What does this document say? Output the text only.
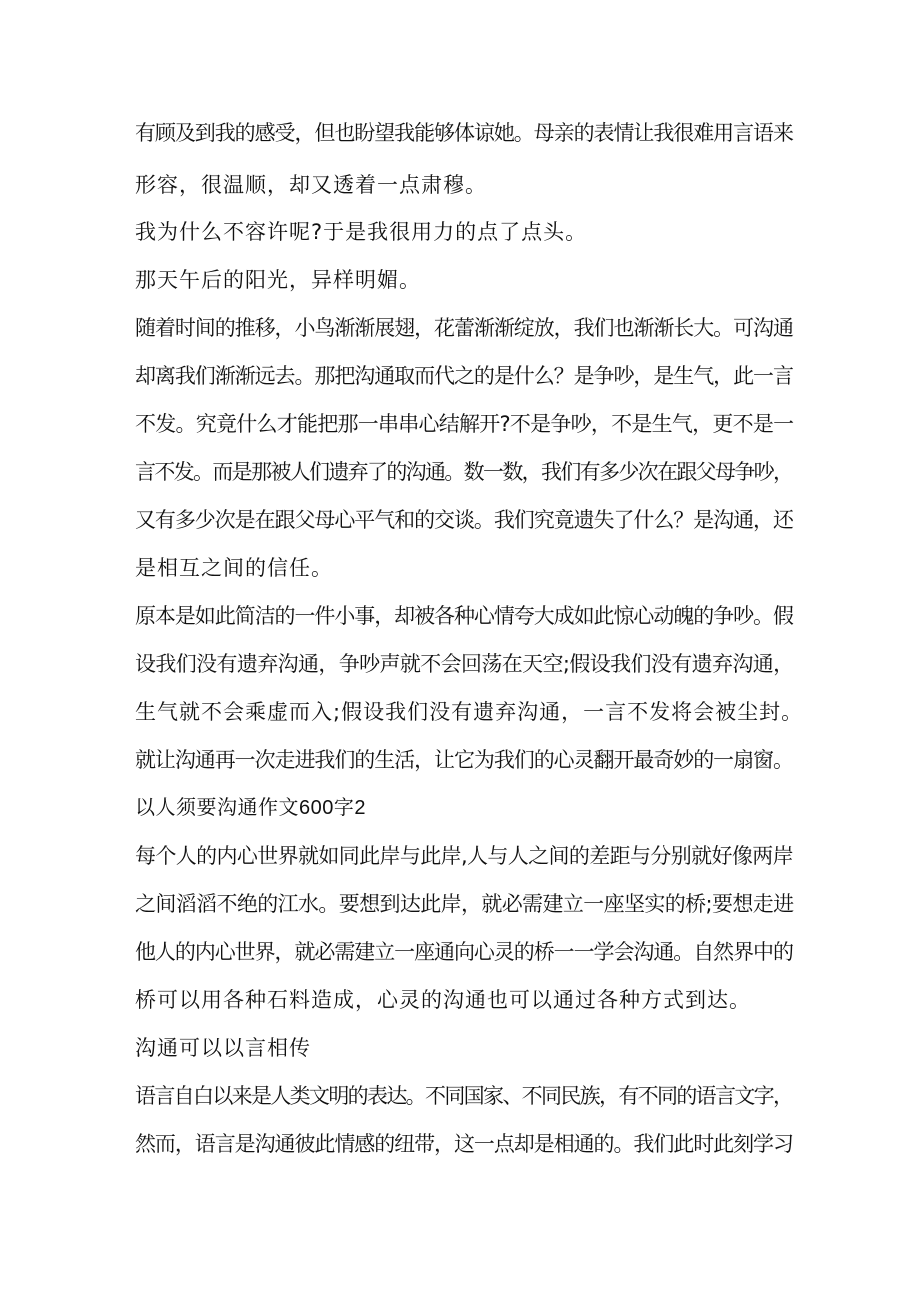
有顾及到我的感受，但也盼望我能够体谅她。母亲的表情让我很难用言语来

形容，很温顺，却又透着一点肃穆。

我为什么不容许呢?于是我很用力的点了点头。

那天午后的阳光，异样明媚。

随着时间的推移，小鸟渐渐展翅，花蕾渐渐绽放，我们也渐渐长大。可沟通

却离我们渐渐远去。那把沟通取而代之的是什么？是争吵，是生气，此一言

不发。究竟什么才能把那一串串心结解开?不是争吵，不是生气，更不是一

言不发。而是那被人们遗弃了的沟通。数一数，我们有多少次在跟父母争吵，

又有多少次是在跟父母心平气和的交谈。我们究竟遗失了什么？是沟通，还

是相互之间的信任。

原本是如此简洁的一件小事，却被各种心情夸大成如此惊心动魄的争吵。假

设我们没有遗弃沟通，争吵声就不会回荡在天空;假设我们没有遗弃沟通，

生气就不会乘虚而入;假设我们没有遗弃沟通，一言不发将会被尘封。

就让沟通再一次走进我们的生活，让它为我们的心灵翻开最奇妙的一扇窗。

以人须要沟通作文600字2

每个人的内心世界就如同此岸与此岸,人与人之间的差距与分别就好像两岸

之间滔滔不绝的江水。要想到达此岸，就必需建立一座坚实的桥;要想走进

他人的内心世界，就必需建立一座通向心灵的桥一一学会沟通。自然界中的

桥可以用各种石料造成，心灵的沟通也可以通过各种方式到达。

沟通可以以言相传

语言自白以来是人类文明的表达。不同国家、不同民族，有不同的语言文字，

然而，语言是沟通彼此情感的纽带，这一点却是相通的。我们此时此刻学习
